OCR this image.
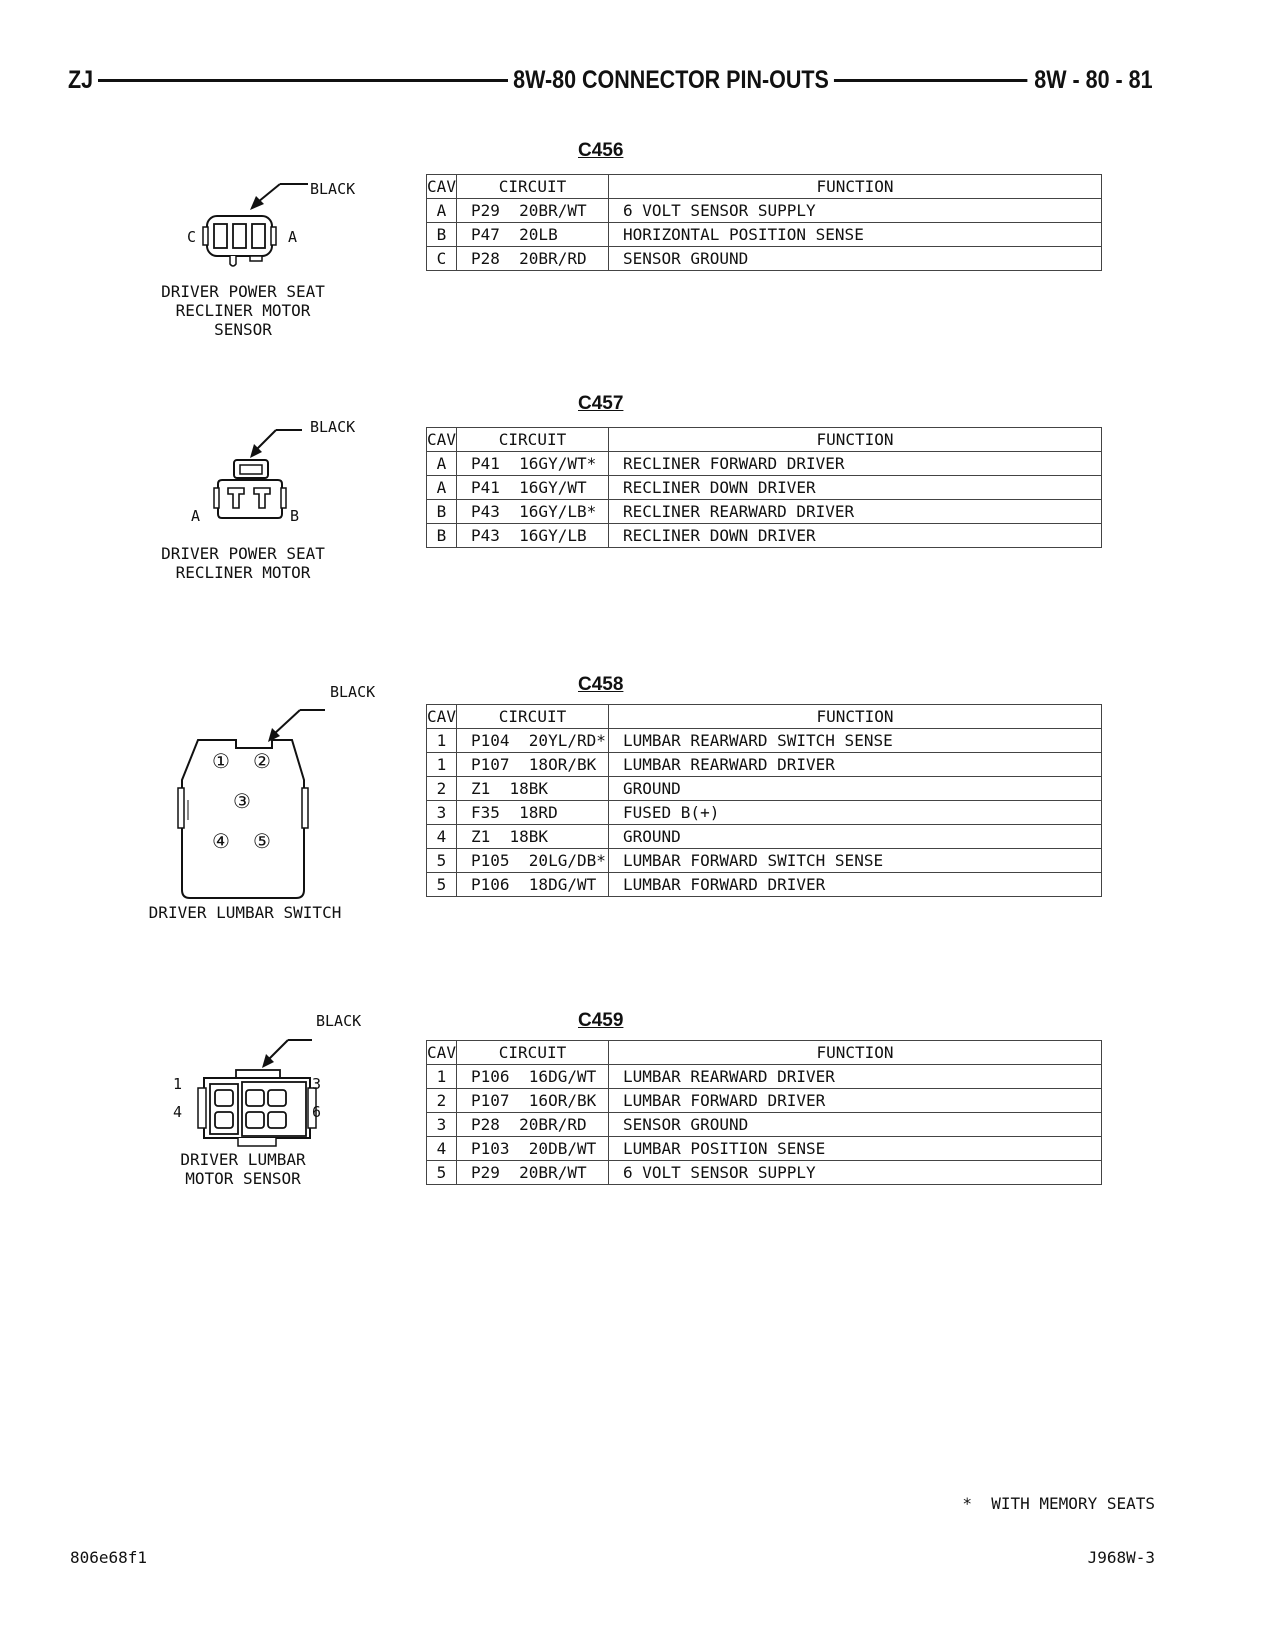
ZJ	8W-80 CONNECTOR PIN-OUTS	8W - 80 - 81
C456
BLACK
C	A
DRIVER POWER SEAT
RECLINER MOTOR
SENSOR
CAV	CIRCUIT	FUNCTION
A	P29  20BR/WT	6 VOLT SENSOR SUPPLY
B	P47  20LB	HORIZONTAL POSITION SENSE
C	P28  20BR/RD	SENSOR GROUND
C457
BLACK
A	B
DRIVER POWER SEAT
RECLINER MOTOR
CAV	CIRCUIT	FUNCTION
A	P41  16GY/WT*	RECLINER FORWARD DRIVER
A	P41  16GY/WT	RECLINER DOWN DRIVER
B	P43  16GY/LB*	RECLINER REARWARD DRIVER
B	P43  16GY/LB	RECLINER DOWN DRIVER
C458
BLACK
① ②
③
④ ⑤
DRIVER LUMBAR SWITCH
CAV	CIRCUIT	FUNCTION
1	P104  20YL/RD*	LUMBAR REARWARD SWITCH SENSE
1	P107  18OR/BK	LUMBAR REARWARD DRIVER
2	Z1  18BK	GROUND
3	F35  18RD	FUSED B(+)
4	Z1  18BK	GROUND
5	P105  20LG/DB*	LUMBAR FORWARD SWITCH SENSE
5	P106  18DG/WT	LUMBAR FORWARD DRIVER
C459
BLACK
1	3
4	6
DRIVER LUMBAR
MOTOR SENSOR
CAV	CIRCUIT	FUNCTION
1	P106  16DG/WT	LUMBAR REARWARD DRIVER
2	P107  16OR/BK	LUMBAR FORWARD DRIVER
3	P28  20BR/RD	SENSOR GROUND
4	P103  20DB/WT	LUMBAR POSITION SENSE
5	P29  20BR/WT	6 VOLT SENSOR SUPPLY
*  WITH MEMORY SEATS
806e68f1	J968W-3
